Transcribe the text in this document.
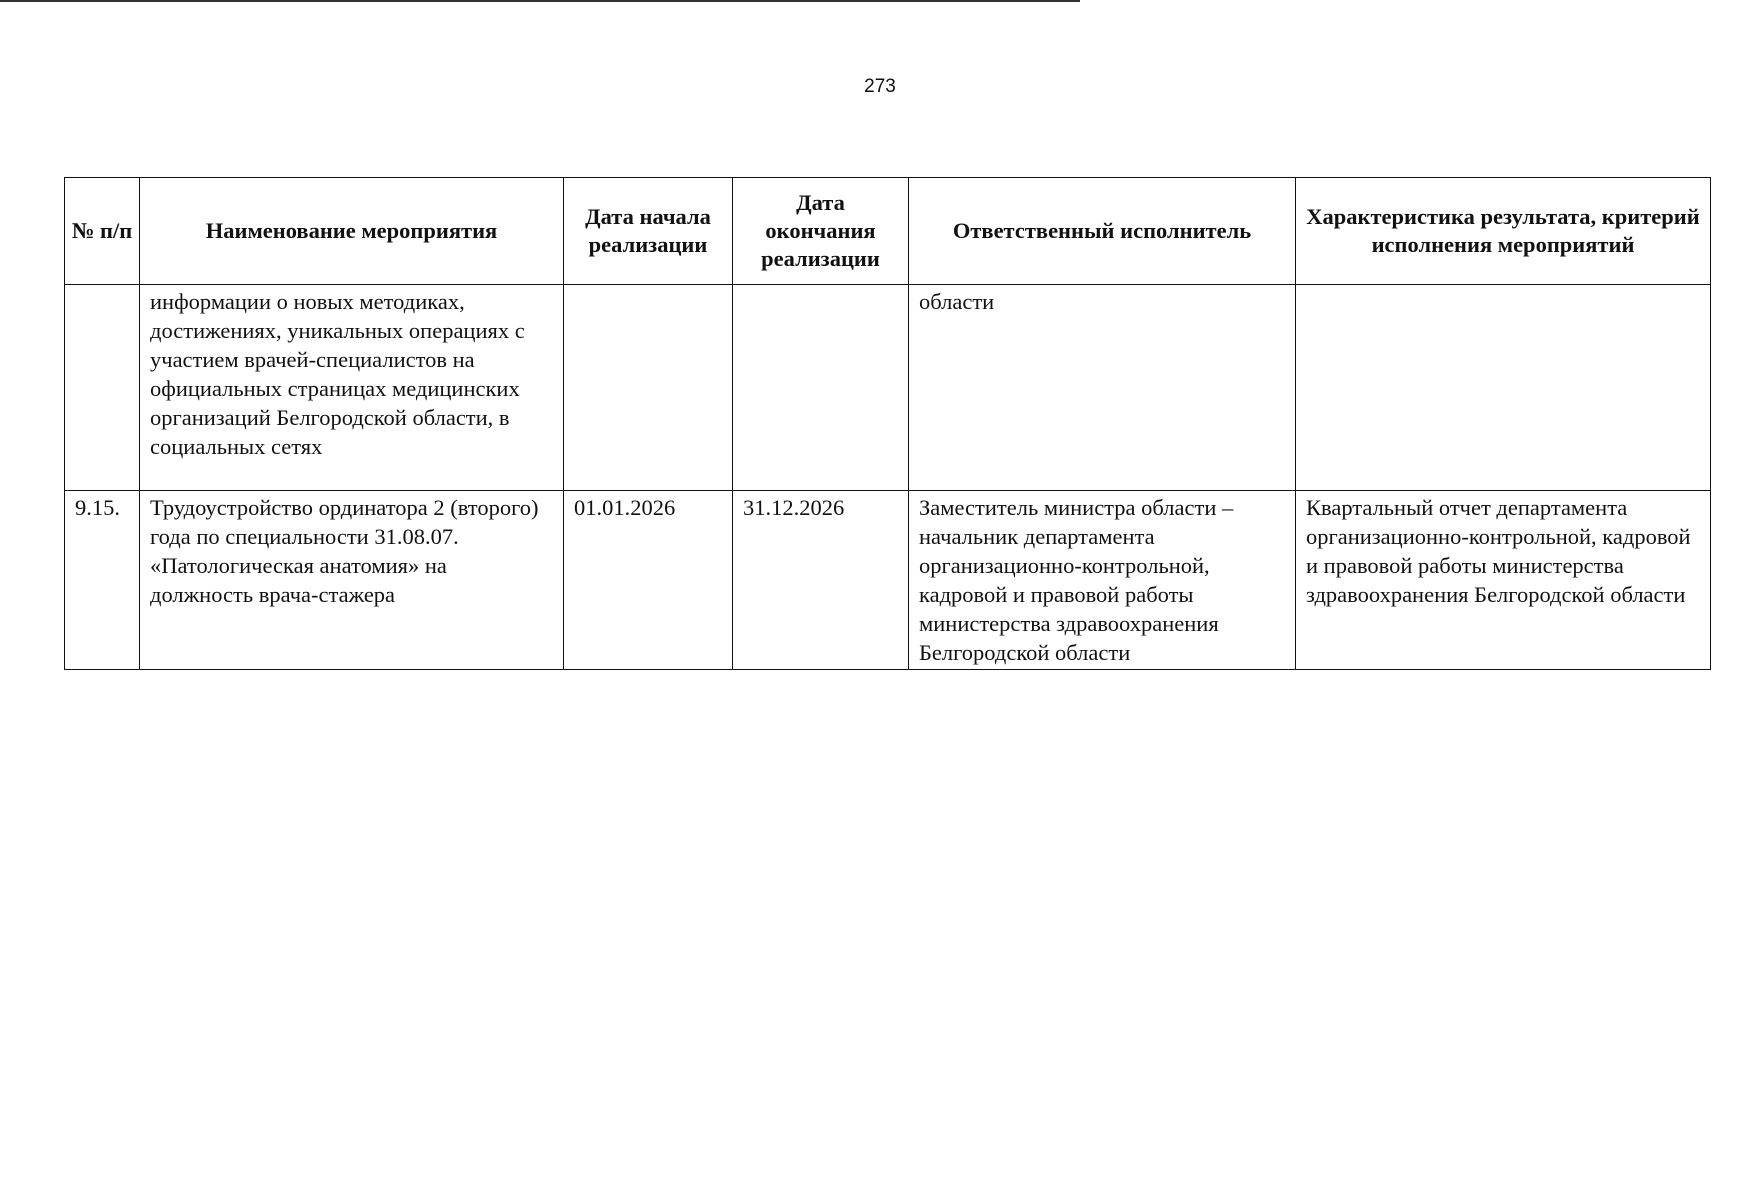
273
№ п/п	Наименование мероприятия	Дата начала реализации	Дата окончания реализации	Ответственный исполнитель	Характеристика результата, критерий исполнения мероприятий
	информации о новых методиках, достижениях, уникальных операциях с участием врачей-специалистов на официальных страницах медицинских организаций Белгородской области, в социальных сетях			области	
9.15.	Трудоустройство ординатора 2 (второго) года по специальности 31.08.07. «Патологическая анатомия» на должность врача-стажера	01.01.2026	31.12.2026	Заместитель министра области – начальник департамента организационно-контрольной, кадровой и правовой работы министерства здравоохранения Белгородской области	Квартальный отчет департамента организационно-контрольной, кадровой и правовой работы министерства здравоохранения Белгородской области
